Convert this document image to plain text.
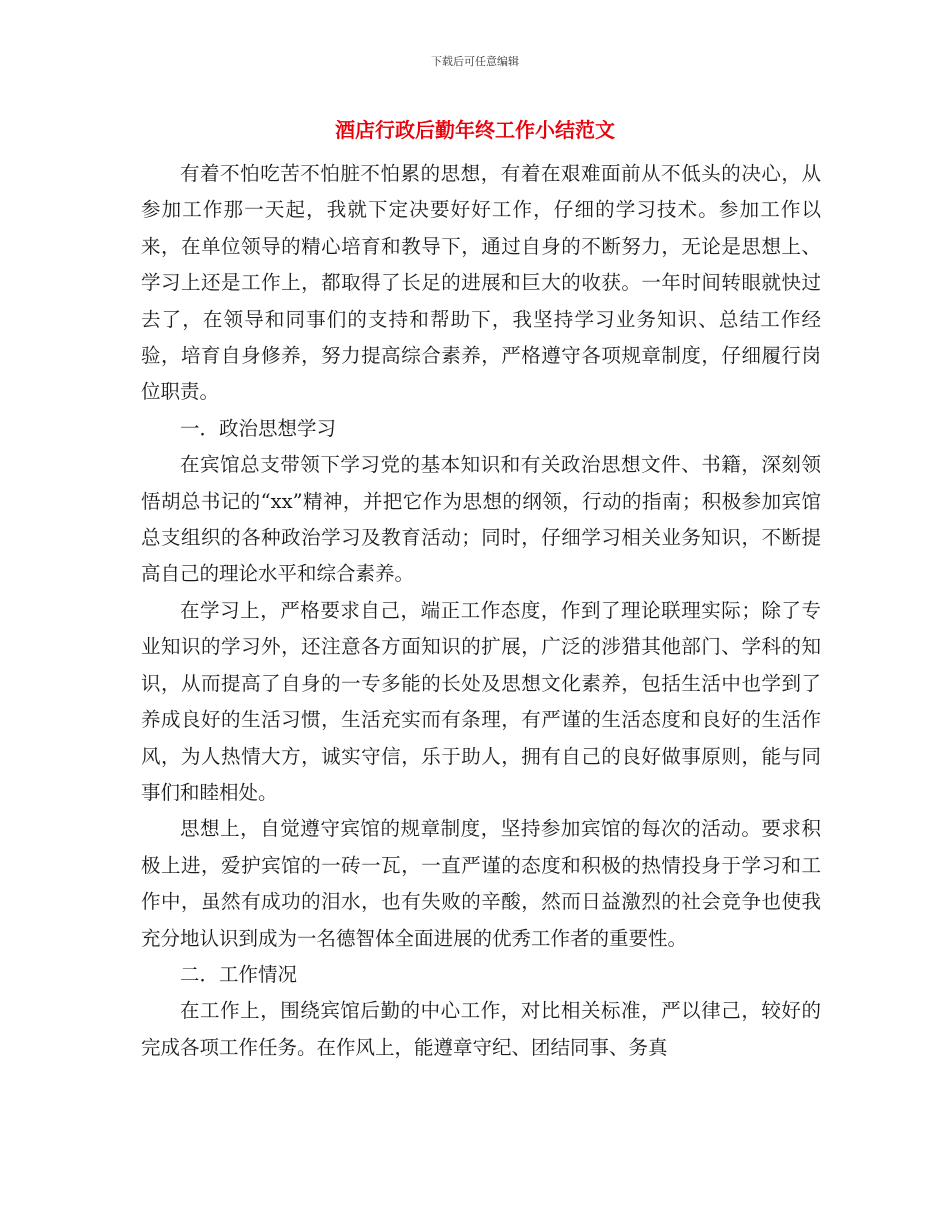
下载后可任意编辑
酒店行政后勤年终工作小结范文

有着不怕吃苦不怕脏不怕累的思想，有着在艰难面前从不低头的决心，从参加工作那一天起，我就下定决要好好工作，仔细的学习技术。参加工作以来，在单位领导的精心培育和教导下，通过自身的不断努力，无论是思想上、学习上还是工作上，都取得了长足的进展和巨大的收获。一年时间转眼就快过去了，在领导和同事们的支持和帮助下，我坚持学习业务知识、总结工作经验，培育自身修养，努力提高综合素养，严格遵守各项规章制度，仔细履行岗位职责。

一．政治思想学习

在宾馆总支带领下学习党的基本知识和有关政治思想文件、书籍，深刻领悟胡总书记的“xx”精神，并把它作为思想的纲领，行动的指南；积极参加宾馆总支组织的各种政治学习及教育活动；同时，仔细学习相关业务知识，不断提高自己的理论水平和综合素养。

在学习上，严格要求自己，端正工作态度，作到了理论联理实际；除了专业知识的学习外，还注意各方面知识的扩展，广泛的涉猎其他部门、学科的知识，从而提高了自身的一专多能的长处及思想文化素养，包括生活中也学到了养成良好的生活习惯，生活充实而有条理，有严谨的生活态度和良好的生活作风，为人热情大方，诚实守信，乐于助人，拥有自己的良好做事原则，能与同事们和睦相处。

思想上，自觉遵守宾馆的规章制度，坚持参加宾馆的每次的活动。要求积极上进，爱护宾馆的一砖一瓦，一直严谨的态度和积极的热情投身于学习和工作中，虽然有成功的泪水，也有失败的辛酸，然而日益激烈的社会竞争也使我充分地认识到成为一名德智体全面进展的优秀工作者的重要性。

二．工作情况

在工作上，围绕宾馆后勤的中心工作，对比相关标准，严以律己，较好的完成各项工作任务。在作风上，能遵章守纪、团结同事、务真
